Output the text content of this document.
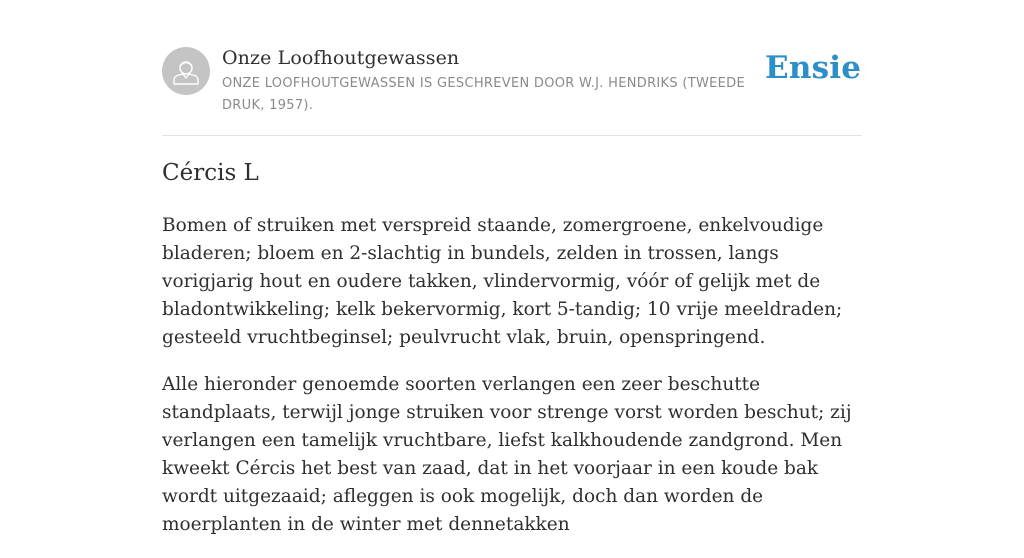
Onze Loofhoutgewassen
ONZE LOOFHOUTGEWASSEN IS GESCHREVEN DOOR W.J. HENDRIKS (TWEEDE DRUK, 1957).
Ensie
Cércis L

Bomen of struiken met verspreid staande, zomergroene, enkelvoudige bladeren; bloem en 2-slachtig in bundels, zelden in trossen, langs vorigjarig hout en oudere takken, vlindervormig, vóór of gelijk met de bladontwikkeling; kelk bekervormig, kort 5-tandig; 10 vrije meeldraden; gesteeld vruchtbeginsel; peulvrucht vlak, bruin, openspringend.

Alle hieronder genoemde soorten verlangen een zeer beschutte standplaats, terwijl jonge struiken voor strenge vorst worden beschut; zij verlangen een tamelijk vruchtbare, liefst kalkhoudende zandgrond. Men kweekt Cércis het best van zaad, dat in het voorjaar in een koude bak wordt uitgezaaid; afleggen is ook mogelijk, doch dan worden de moerplanten in de winter met dennetakken
